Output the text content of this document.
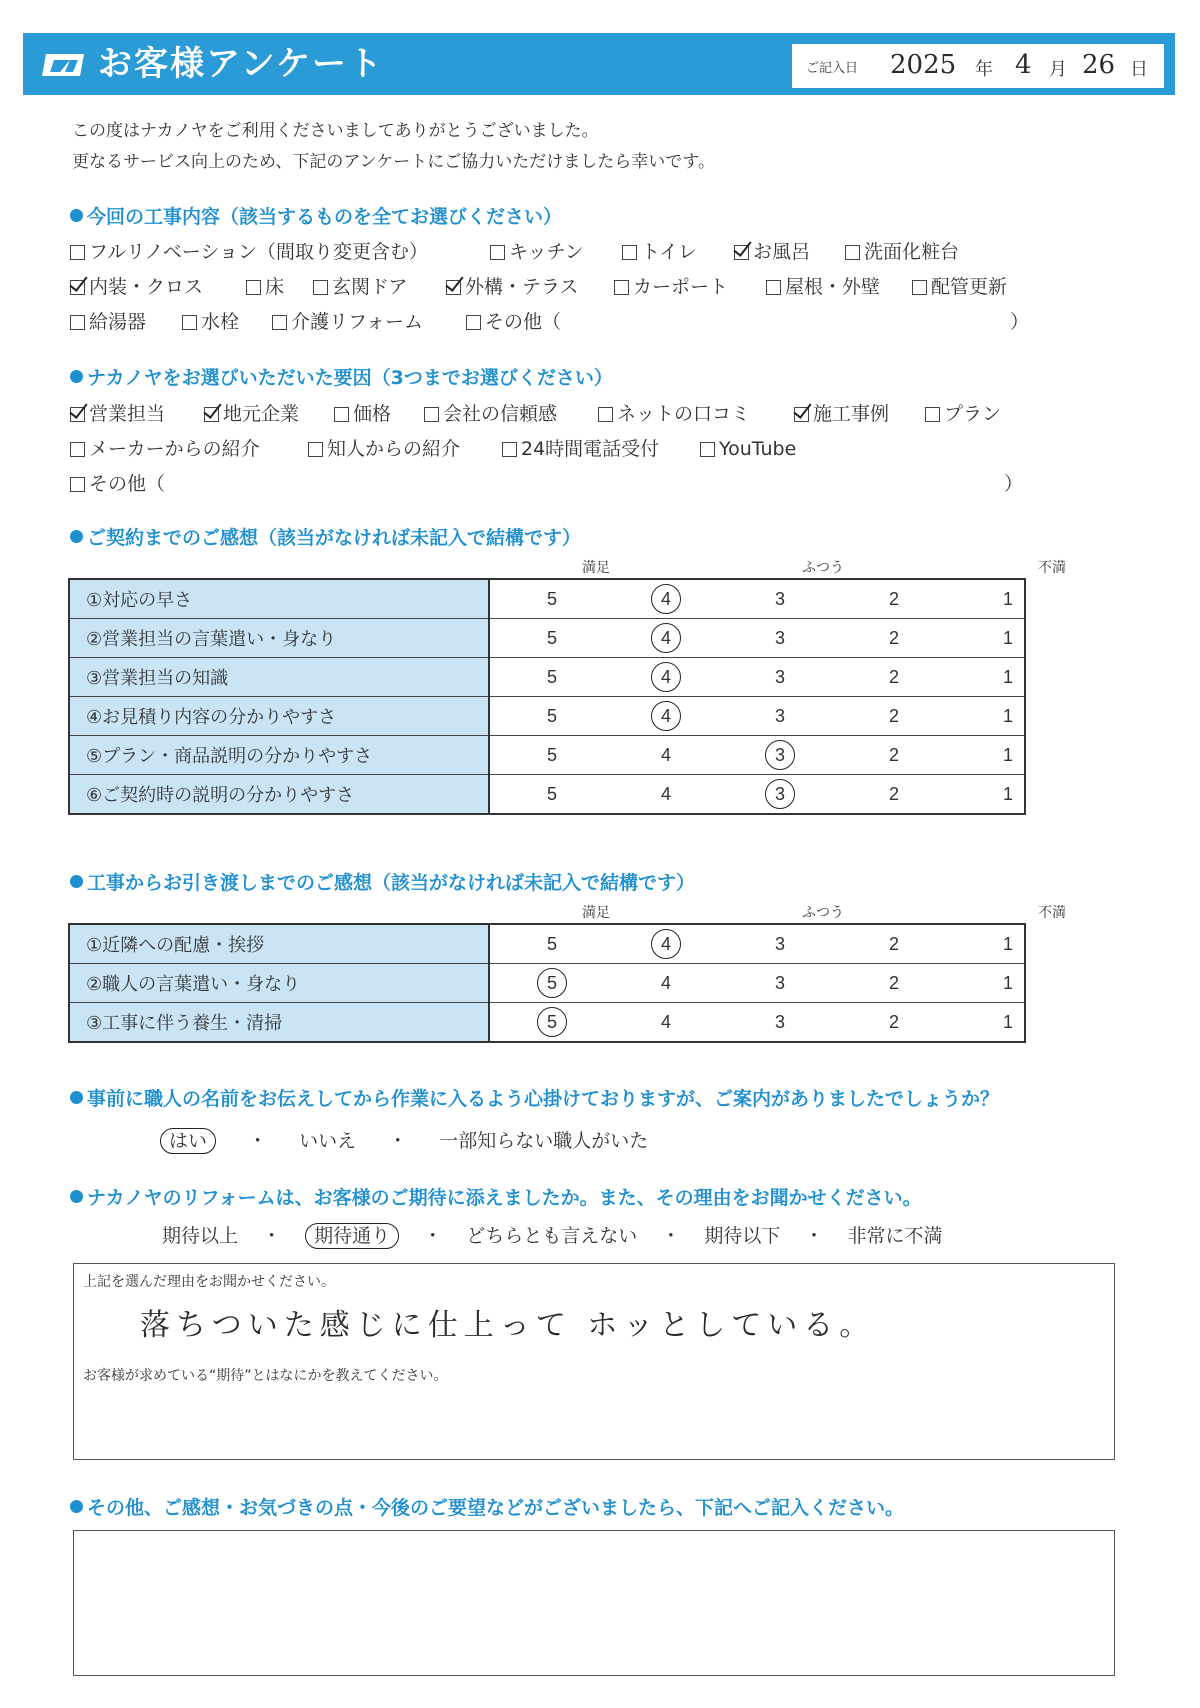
お客様アンケート	ご記入日 2025 年 4 月 26 日
この度はナカノヤをご利用くださいましてありがとうございました。
更なるサービス向上のため、下記のアンケートにご協力いただけましたら幸いです。
今回の工事内容（該当するものを全てお選びください）
フルリノベーション（間取り変更含む）	キッチン	トイレ	お風呂	洗面化粧台
内装・クロス	床	玄関ドア	外構・テラス	カーポート	屋根・外壁	配管更新
給湯器	水栓	介護リフォーム	その他（	）
ナカノヤをお選びいただいた要因（3つまでお選びください）
営業担当	地元企業	価格	会社の信頼感	ネットの口コミ	施工事例	プラン
メーカーからの紹介	知人からの紹介	24時間電話受付	YouTube
その他（	）
ご契約までのご感想（該当がなければ未記入で結構です）
満足	ふつう	不満
①対応の早さ	5 4 3 2 1

②営業担当の言葉遣い・身なり	5 4 3 2 1

③営業担当の知識	5 4 3 2 1

④お見積り内容の分かりやすさ	5 4 3 2 1

⑤プラン・商品説明の分かりやすさ	5 4 3 2 1

⑥ご契約時の説明の分かりやすさ	5 4 3 2 1
工事からお引き渡しまでのご感想（該当がなければ未記入で結構です）
満足	ふつう	不満
①近隣への配慮・挨拶	5 4 3 2 1

②職人の言葉遣い・身なり	5 4 3 2 1

③工事に伴う養生・清掃	5 4 3 2 1
事前に職人の名前をお伝えしてから作業に入るよう心掛けておりますが、ご案内がありましたでしょうか？
はい ・ いいえ ・ 一部知らない職人がいた
ナカノヤのリフォームは、お客様のご期待に添えましたか。また、その理由をお聞かせください。
期待以上 ・ 期待通り ・ どちらとも言えない ・ 期待以下 ・ 非常に不満
上記を選んだ理由をお聞かせください。
落ちついた感じに仕上って ホッとしている。
お客様が求めている“期待”とはなにかを教えてください。
その他、ご感想・お気づきの点・今後のご要望などがございましたら、下記へご記入ください。
